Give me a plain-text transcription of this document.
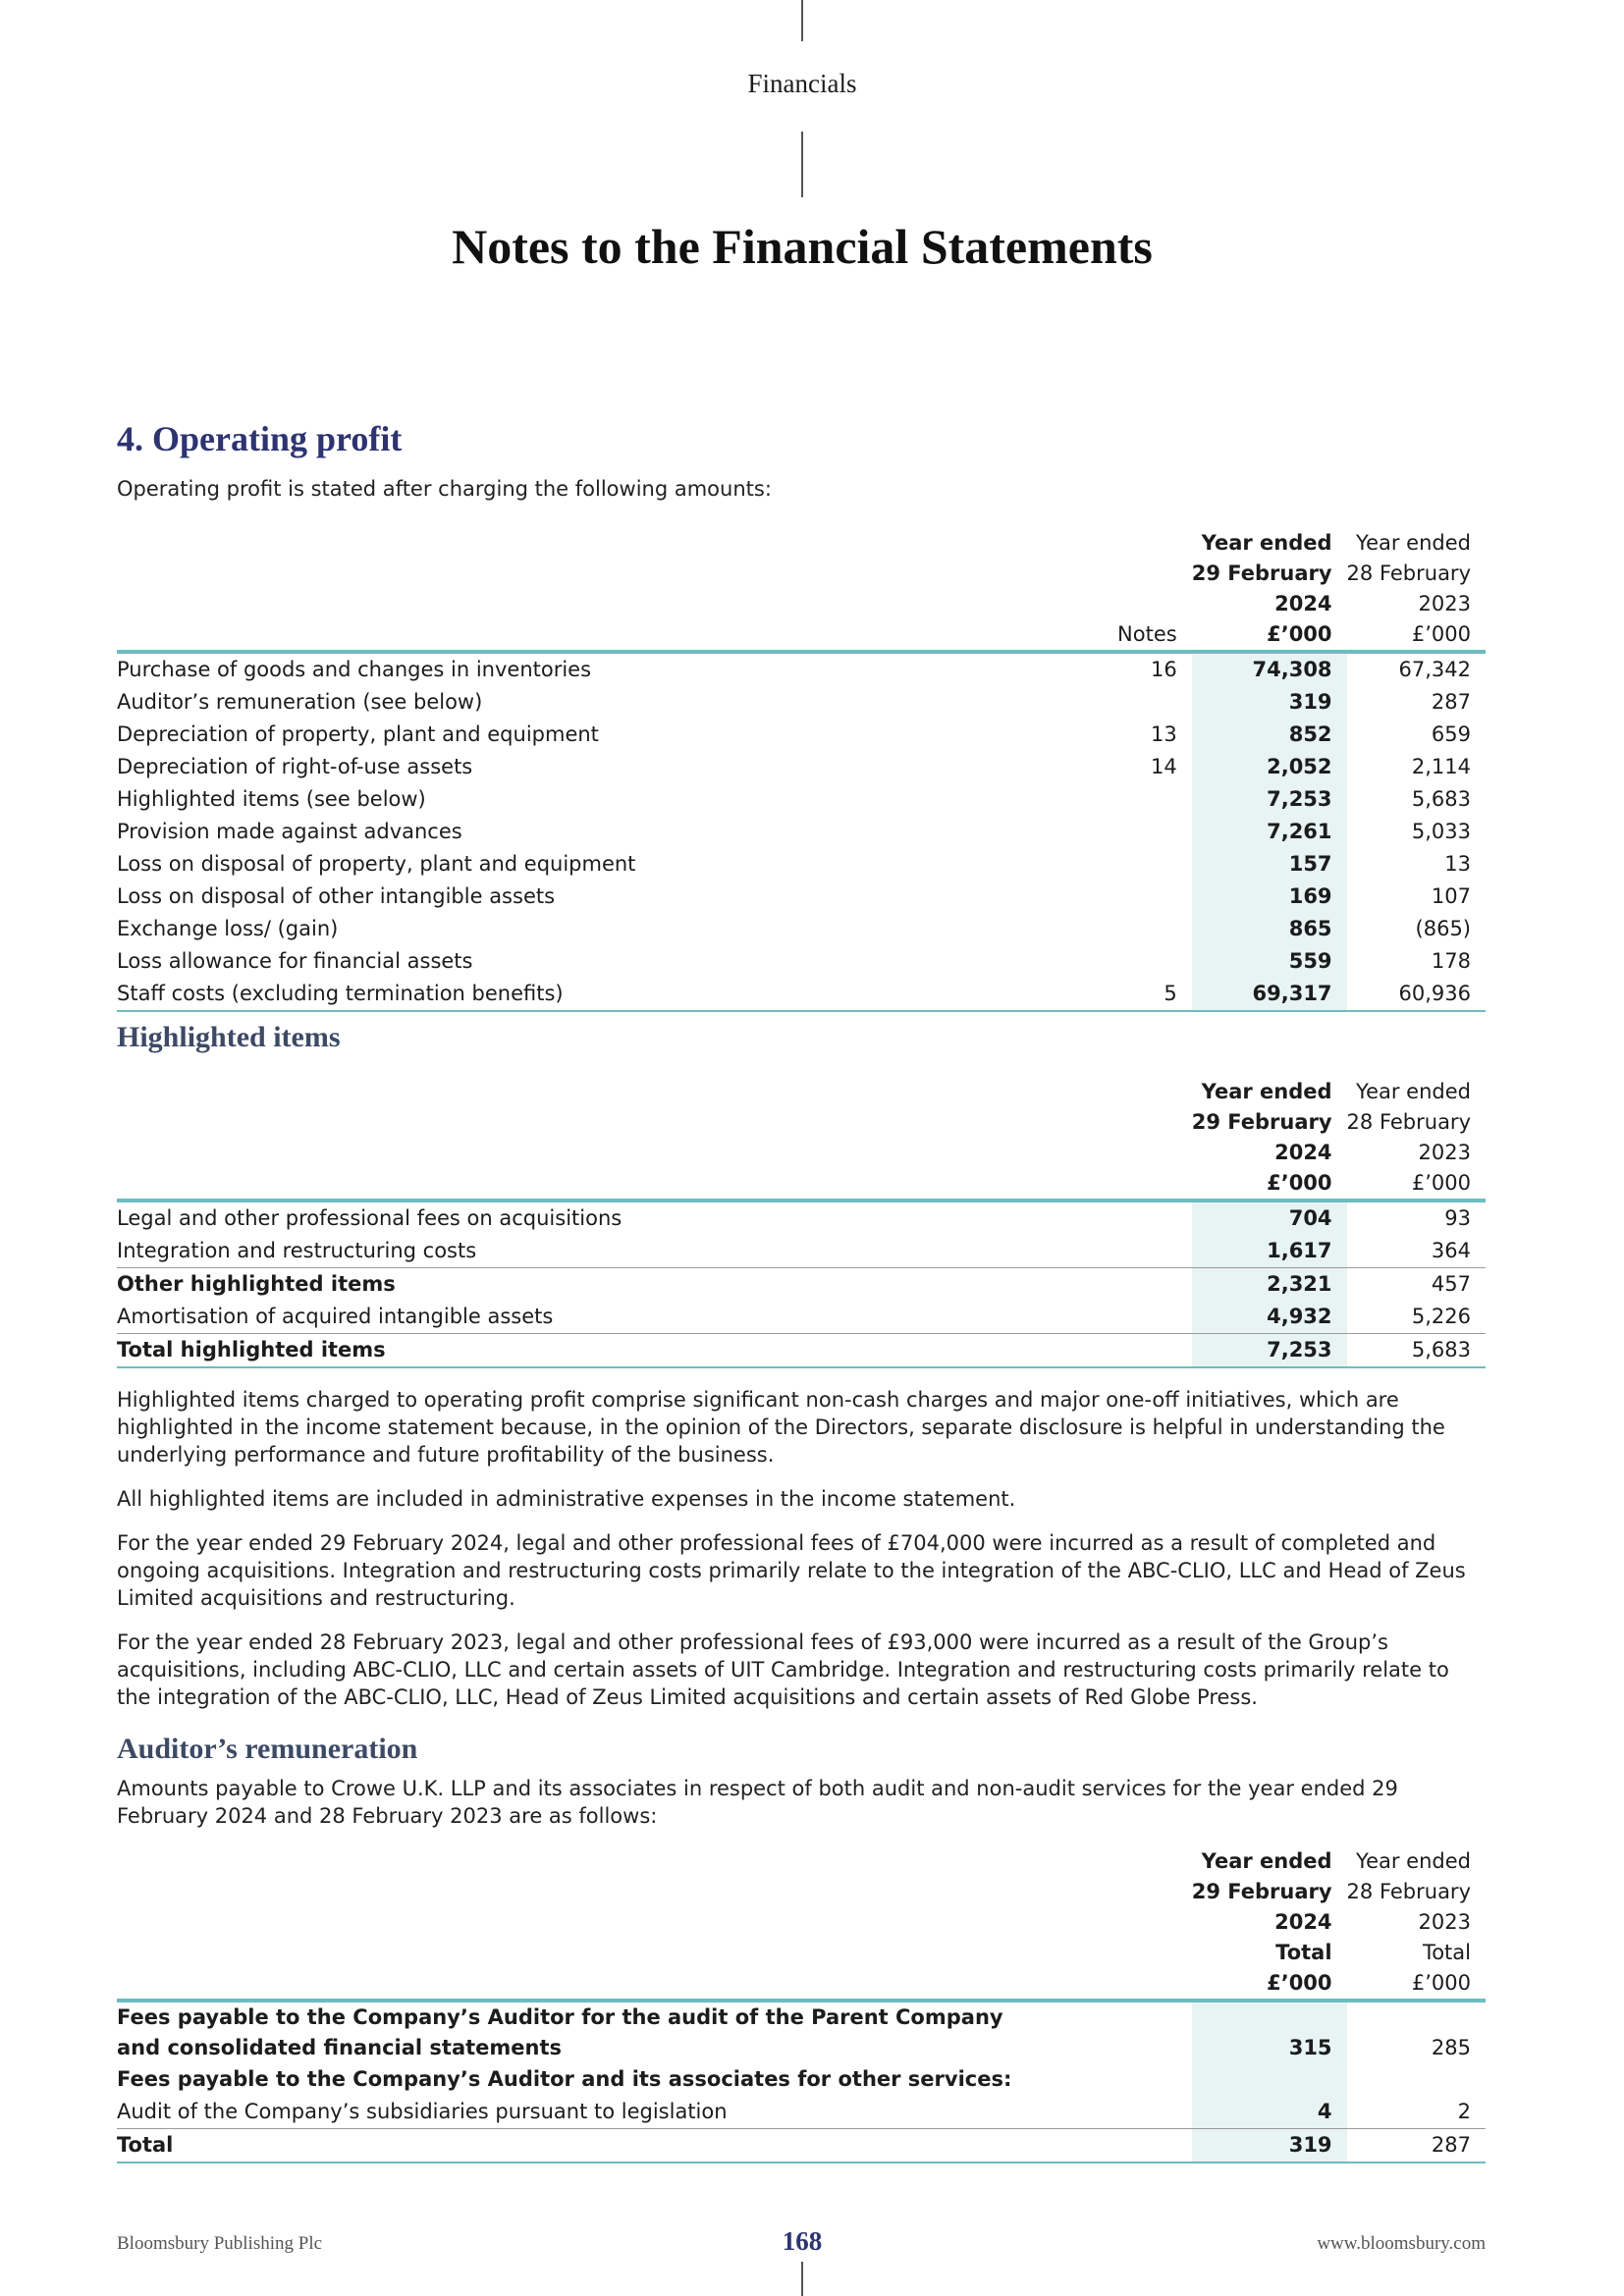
Financials
Notes to the Financial Statements
4. Operating profit

Operating profit is stated after charging the following amounts:

		Year ended	Year ended
		29 February	28 February
		2024	2023
	Notes	£’000	£’000
Purchase of goods and changes in inventories	16	74,308	67,342
Auditor’s remuneration (see below)		319	287
Depreciation of property, plant and equipment	13	852	659
Depreciation of right-of-use assets	14	2,052	2,114
Highlighted items (see below)		7,253	5,683
Provision made against advances		7,261	5,033
Loss on disposal of property, plant and equipment		157	13
Loss on disposal of other intangible assets		169	107
Exchange loss/ (gain)		865	(865)
Loss allowance for financial assets		559	178
Staff costs (excluding termination benefits)	5	69,317	60,936
Highlighted items
		Year ended	Year ended
		29 February	28 February
		2024	2023
		£’000	£’000
Legal and other professional fees on acquisitions		704	93
Integration and restructuring costs		1,617	364
Other highlighted items		2,321	457
Amortisation of acquired intangible assets		4,932	5,226
Total highlighted items		7,253	5,683

Highlighted items charged to operating profit comprise significant non-cash charges and major one-off initiatives, which are highlighted in the income statement because, in the opinion of the Directors, separate disclosure is helpful in understanding the underlying performance and future profitability of the business.

All highlighted items are included in administrative expenses in the income statement.

For the year ended 29 February 2024, legal and other professional fees of £704,000 were incurred as a result of completed and ongoing acquisitions. Integration and restructuring costs primarily relate to the integration of the ABC-CLIO, LLC and Head of Zeus Limited acquisitions and restructuring.

For the year ended 28 February 2023, legal and other professional fees of £93,000 were incurred as a result of the Group’s acquisitions, including ABC-CLIO, LLC and certain assets of UIT Cambridge. Integration and restructuring costs primarily relate to the integration of the ABC-CLIO, LLC, Head of Zeus Limited acquisitions and certain assets of Red Globe Press.

Auditor’s remuneration

Amounts payable to Crowe U.K. LLP and its associates in respect of both audit and non-audit services for the year ended 29 February 2024 and 28 February 2023 are as follows:

		Year ended	Year ended
		29 February	28 February
		2024	2023
		Total	Total
		£’000	£’000

Fees payable to the Company’s Auditor for the audit of the Parent Company
and consolidated financial statements		315	285
Fees payable to the Company’s Auditor and its associates for other services:			
Audit of the Company’s subsidiaries pursuant to legislation		4	2
Total		319	287
Bloomsbury Publishing Plc	168	www.bloomsbury.com
